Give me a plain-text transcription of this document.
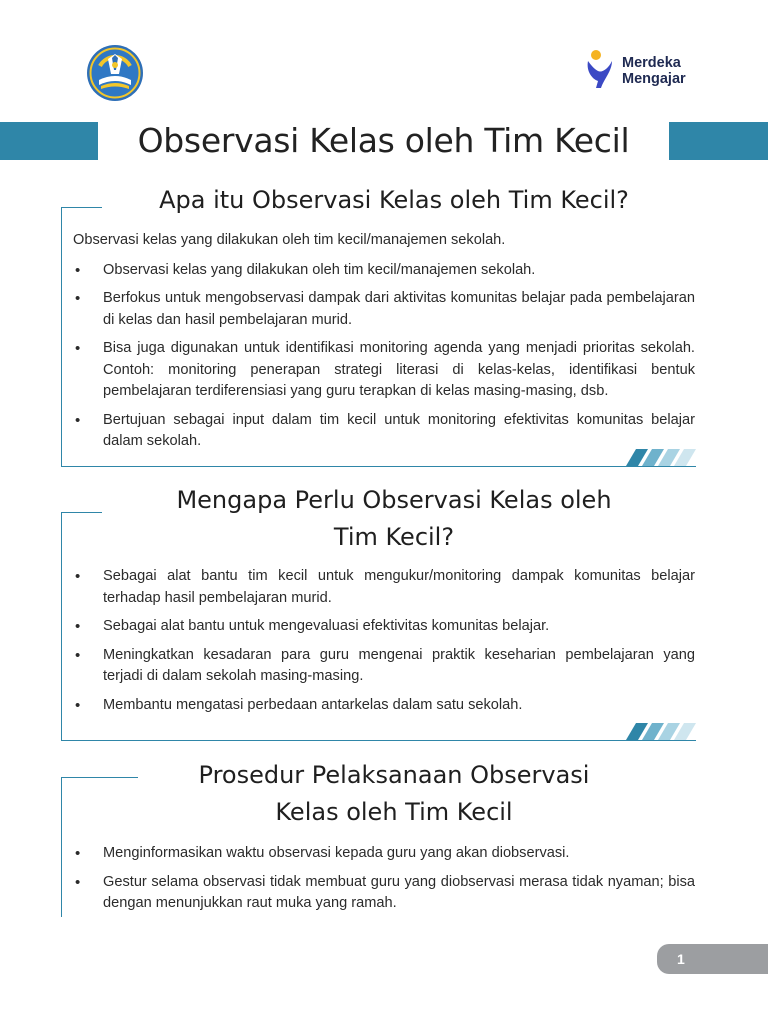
Merdeka
Mengajar
Observasi Kelas oleh Tim Kecil
Apa itu Observasi Kelas oleh Tim Kecil?

Observasi kelas yang dilakukan oleh tim kecil/manajemen sekolah.

• Observasi kelas yang dilakukan oleh tim kecil/manajemen sekolah.
• Berfokus untuk mengobservasi dampak dari aktivitas komunitas belajar pada pembelajaran di kelas dan hasil pembelajaran murid.
• Bisa juga digunakan untuk identifikasi monitoring agenda yang menjadi prioritas sekolah. Contoh: monitoring penerapan strategi literasi di kelas-kelas, identifikasi bentuk pembelajaran terdiferensiasi yang guru terapkan di kelas masing-masing, dsb.
• Bertujuan sebagai input dalam tim kecil untuk monitoring efektivitas komunitas belajar dalam sekolah.
Mengapa Perlu Observasi Kelas oleh
Tim Kecil?
• Sebagai alat bantu tim kecil untuk mengukur/monitoring dampak komunitas belajar terhadap hasil pembelajaran murid.
• Sebagai alat bantu untuk mengevaluasi efektivitas komunitas belajar.
• Meningkatkan kesadaran para guru mengenai praktik keseharian pembelajaran yang terjadi di dalam sekolah masing-masing.
• Membantu mengatasi perbedaan antarkelas dalam satu sekolah.
Prosedur Pelaksanaan Observasi
Kelas oleh Tim Kecil
• Menginformasikan waktu observasi kepada guru yang akan diobservasi.
• Gestur selama observasi tidak membuat guru yang diobservasi merasa tidak nyaman; bisa dengan menunjukkan raut muka yang ramah.
1
